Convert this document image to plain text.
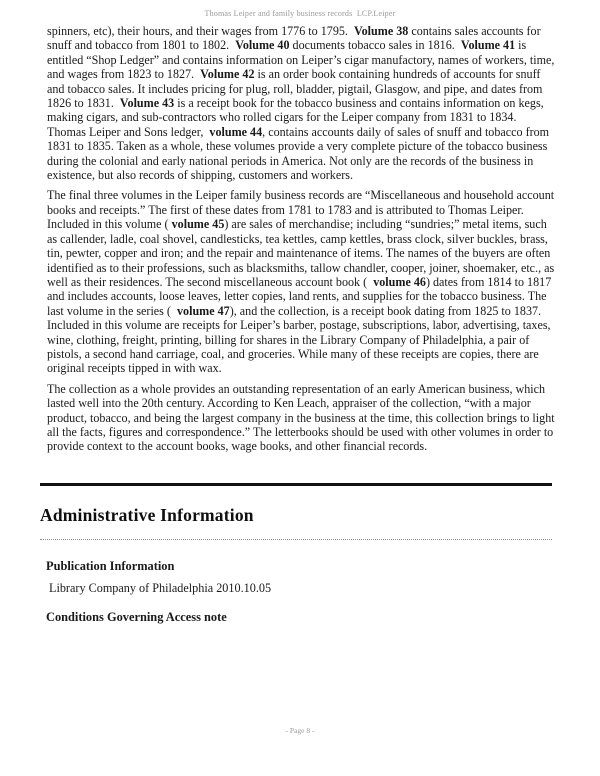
Thomas Leiper and family business records  LCP.Leiper

spinners, etc), their hours, and their wages from 1776 to 1795.  Volume 38 contains sales accounts for snuff and tobacco from 1801 to 1802.  Volume 40 documents tobacco sales in 1816.  Volume 41 is entitled “Shop Ledger” and contains information on Leiper’s cigar manufactory, names of workers, time, and wages from 1823 to 1827.  Volume 42 is an order book containing hundreds of accounts for snuff and tobacco sales. It includes pricing for plug, roll, bladder, pigtail, Glasgow, and pipe, and dates from 1826 to 1831.  Volume 43 is a receipt book for the tobacco business and contains information on kegs, making cigars, and sub-contractors who rolled cigars for the Leiper company from 1831 to 1834. Thomas Leiper and Sons ledger,  volume 44, contains accounts daily of sales of snuff and tobacco from 1831 to 1835. Taken as a whole, these volumes provide a very complete picture of the tobacco business during the colonial and early national periods in America. Not only are the records of the business in existence, but also records of shipping, customers and workers.

The final three volumes in the Leiper family business records are “Miscellaneous and household account books and receipts.” The first of these dates from 1781 to 1783 and is attributed to Thomas Leiper. Included in this volume ( volume 45) are sales of merchandise; including “sundries;” metal items, such as callender, ladle, coal shovel, candlesticks, tea kettles, camp kettles, brass clock, silver buckles, brass, tin, pewter, copper and iron; and the repair and maintenance of items. The names of the buyers are often identified as to their professions, such as blacksmiths, tallow chandler, cooper, joiner, shoemaker, etc., as well as their residences. The second miscellaneous account book (  volume 46) dates from 1814 to 1817 and includes accounts, loose leaves, letter copies, land rents, and supplies for the tobacco business. The last volume in the series (  volume 47), and the collection, is a receipt book dating from 1825 to 1837. Included in this volume are receipts for Leiper’s barber, postage, subscriptions, labor, advertising, taxes, wine, clothing, freight, printing, billing for shares in the Library Company of Philadelphia, a pair of pistols, a second hand carriage, coal, and groceries. While many of these receipts are copies, there are original receipts tipped in with wax.

The collection as a whole provides an outstanding representation of an early American business, which lasted well into the 20th century. According to Ken Leach, appraiser of the collection, “with a major product, tobacco, and being the largest company in the business at the time, this collection brings to light all the facts, figures and correspondence.” The letterbooks should be used with other volumes in order to provide context to the account books, wage books, and other financial records.

Administrative Information
Publication Information

Library Company of Philadelphia 2010.10.05

Conditions Governing Access note
- Page 8 -
